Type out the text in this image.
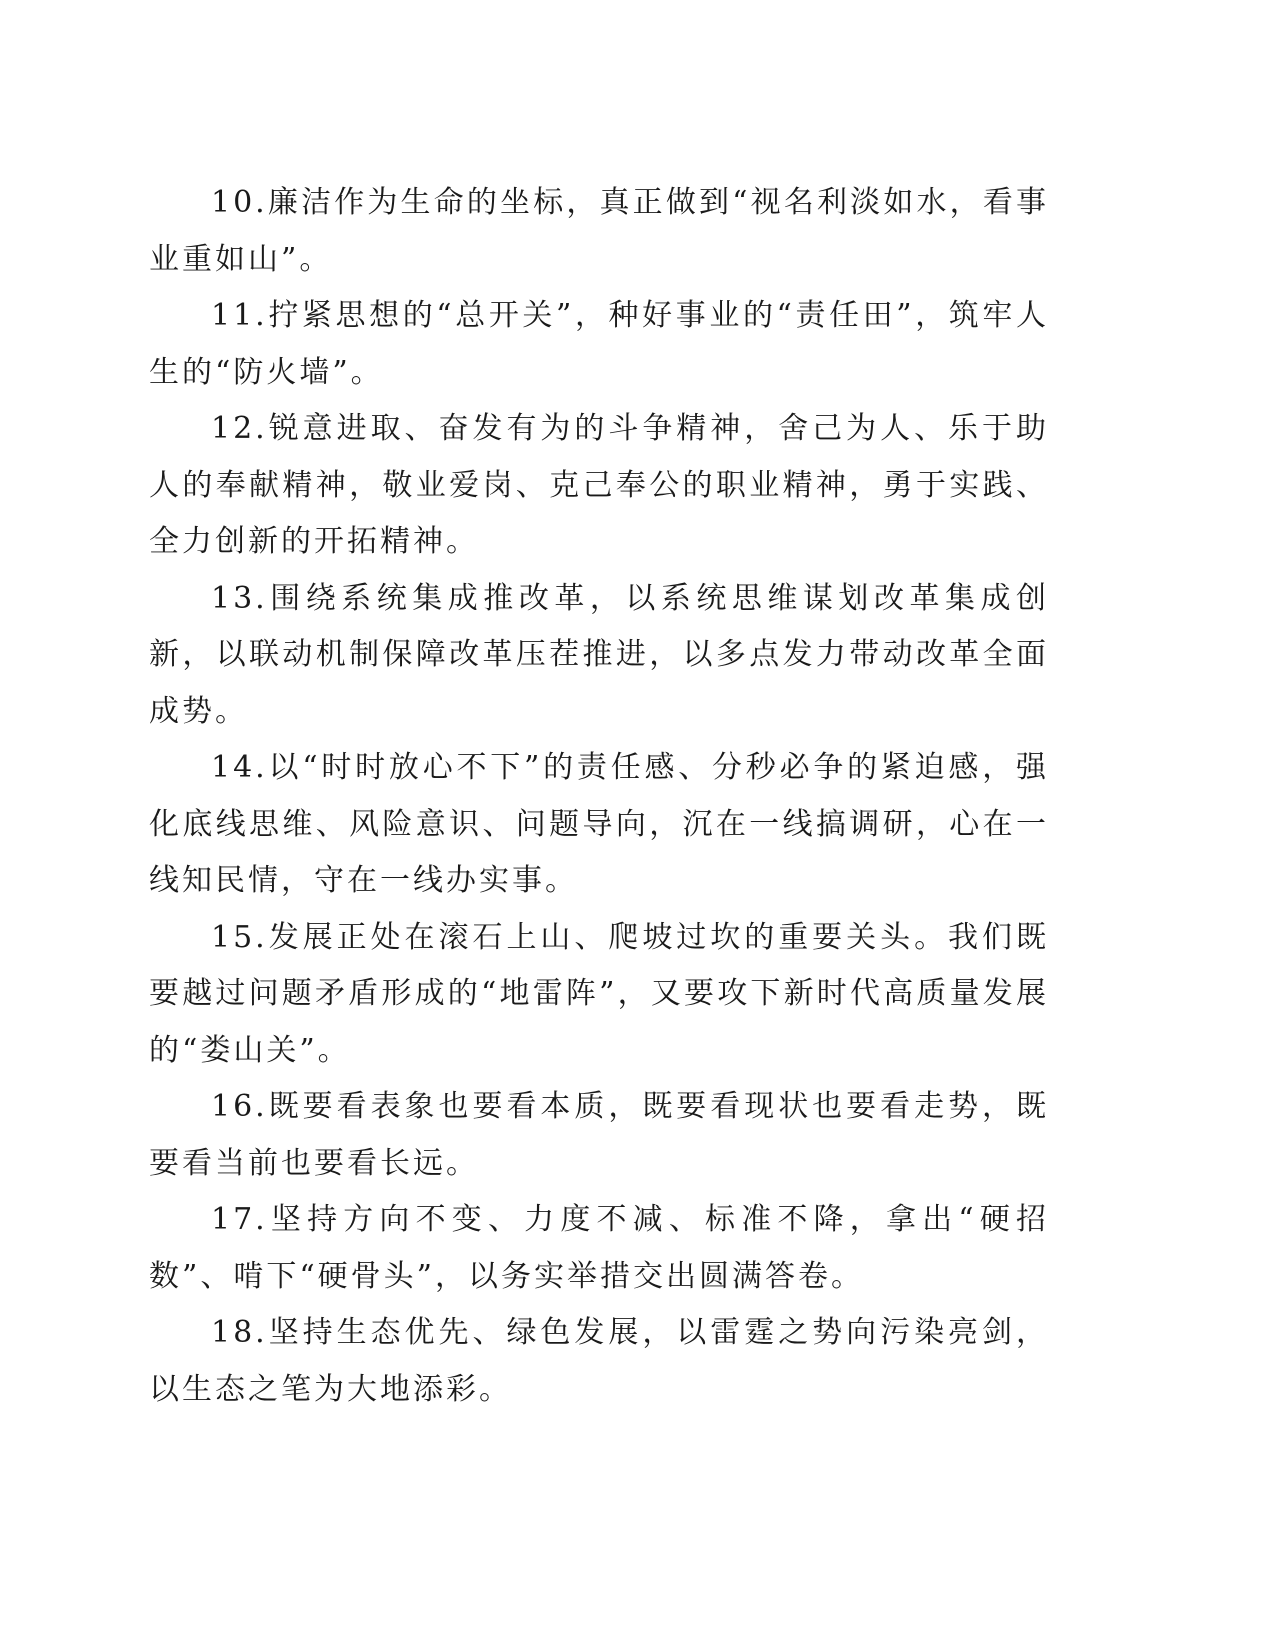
10.廉洁作为生命的坐标，真正做到“视名利淡如水，看事业重如山”。

11.拧紧思想的“总开关”，种好事业的“责任田”，筑牢人生的“防火墙”。

12.锐意进取、奋发有为的斗争精神，舍己为人、乐于助人的奉献精神，敬业爱岗、克己奉公的职业精神，勇于实践、全力创新的开拓精神。

13.围绕系统集成推改革，以系统思维谋划改革集成创新，以联动机制保障改革压茬推进，以多点发力带动改革全面成势。

14.以“时时放心不下”的责任感、分秒必争的紧迫感，强化底线思维、风险意识、问题导向，沉在一线搞调研，心在一线知民情，守在一线办实事。

15.发展正处在滚石上山、爬坡过坎的重要关头。我们既要越过问题矛盾形成的“地雷阵”，又要攻下新时代高质量发展的“娄山关”。

16.既要看表象也要看本质，既要看现状也要看走势，既要看当前也要看长远。

17.坚持方向不变、力度不减、标准不降，拿出“硬招数”、啃下“硬骨头”，以务实举措交出圆满答卷。

18.坚持生态优先、绿色发展，以雷霆之势向污染亮剑，以生态之笔为大地添彩。
